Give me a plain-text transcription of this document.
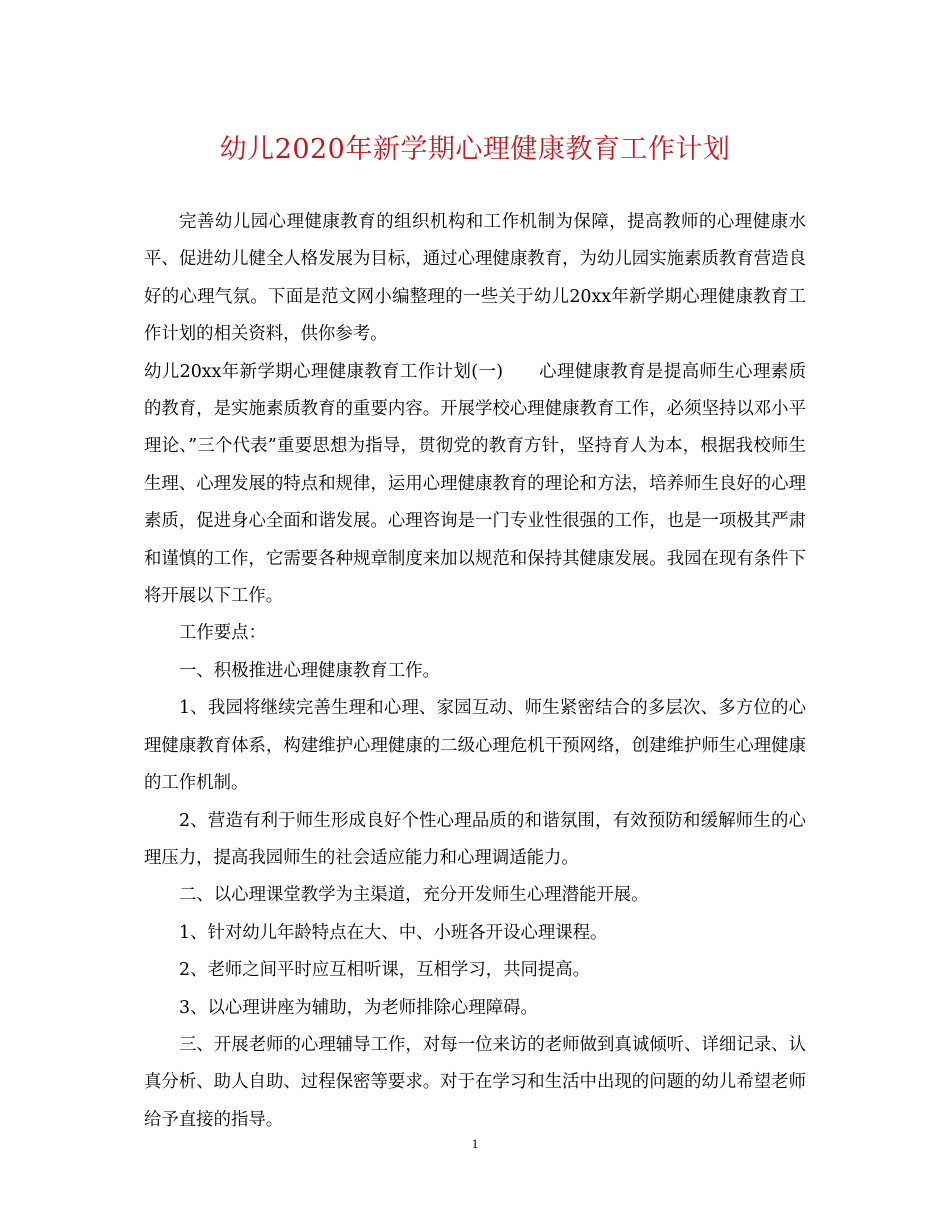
幼儿2020年新学期心理健康教育工作计划

完善幼儿园心理健康教育的组织机构和工作机制为保障，提高教师的心理健康水平、促进幼儿健全人格发展为目标，通过心理健康教育，为幼儿园实施素质教育营造良好的心理气氛。下面是范文网小编整理的一些关于幼儿20xx年新学期心理健康教育工作计划的相关资料，供你参考。

幼儿20xx年新学期心理健康教育工作计划(一)　　心理健康教育是提高师生心理素质的教育，是实施素质教育的重要内容。开展学校心理健康教育工作，必须坚持以邓小平理论、”三个代表”重要思想为指导，贯彻党的教育方针，坚持育人为本，根据我校师生生理、心理发展的特点和规律，运用心理健康教育的理论和方法，培养师生良好的心理素质，促进身心全面和谐发展。心理咨询是一门专业性很强的工作，也是一项极其严肃和谨慎的工作，它需要各种规章制度来加以规范和保持其健康发展。我园在现有条件下将开展以下工作。

工作要点：

一、积极推进心理健康教育工作。

1、我园将继续完善生理和心理、家园互动、师生紧密结合的多层次、多方位的心理健康教育体系，构建维护心理健康的二级心理危机干预网络，创建维护师生心理健康的工作机制。

2、营造有利于师生形成良好个性心理品质的和谐氛围，有效预防和缓解师生的心理压力，提高我园师生的社会适应能力和心理调适能力。

二、以心理课堂教学为主渠道，充分开发师生心理潜能开展。

1、针对幼儿年龄特点在大、中、小班各开设心理课程。

2、老师之间平时应互相听课，互相学习，共同提高。

3、以心理讲座为辅助，为老师排除心理障碍。

三、开展老师的心理辅导工作，对每一位来访的老师做到真诚倾听、详细记录、认真分析、助人自助、过程保密等要求。对于在学习和生活中出现的问题的幼儿希望老师给予直接的指导。

1
